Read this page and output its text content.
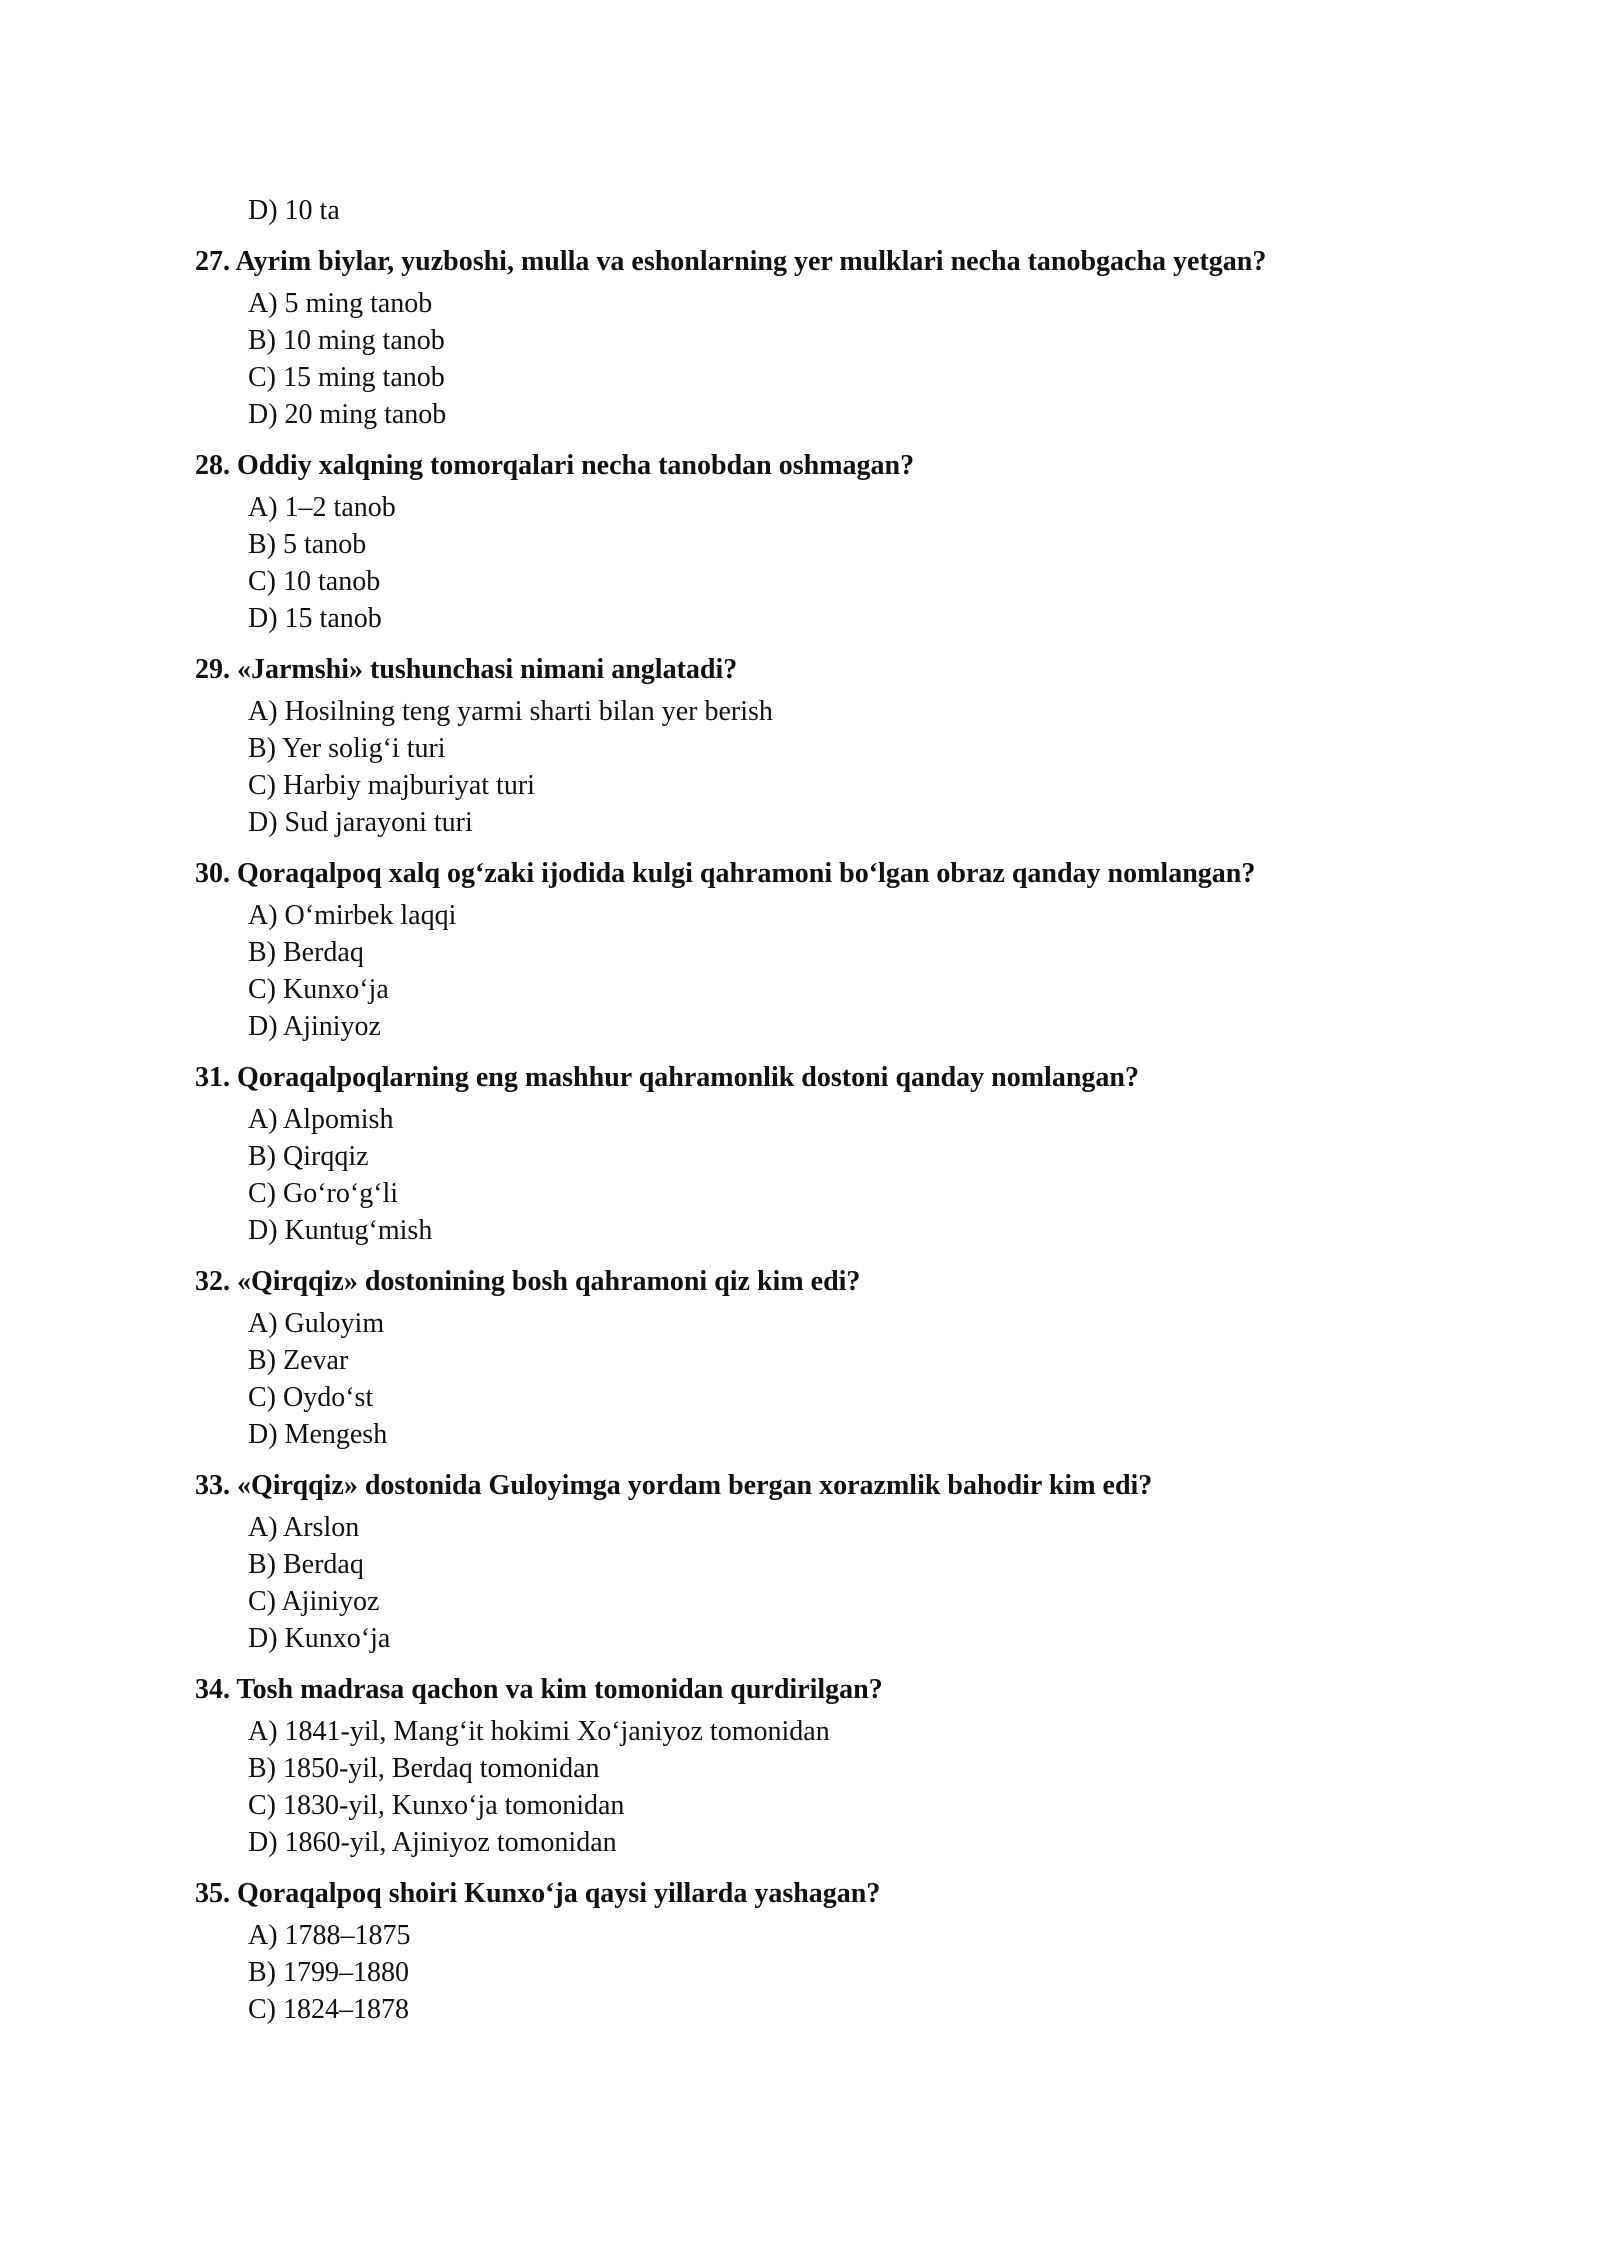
D) 10 ta
27. Ayrim biylar, yuzboshi, mulla va eshonlarning yer mulklari necha tanobgacha yetgan?
A) 5 ming tanob
B) 10 ming tanob
C) 15 ming tanob
D) 20 ming tanob
28. Oddiy xalqning tomorqalari necha tanobdan oshmagan?
A) 1–2 tanob
B) 5 tanob
C) 10 tanob
D) 15 tanob
29. «Jarmshi» tushunchasi nimani anglatadi?
A) Hosilning teng yarmi sharti bilan yer berish
B) Yer solig‘i turi
C) Harbiy majburiyat turi
D) Sud jarayoni turi
30. Qoraqalpoq xalq og‘zaki ijodida kulgi qahramoni bo‘lgan obraz qanday nomlangan?
A) O‘mirbek laqqi
B) Berdaq
C) Kunxo‘ja
D) Ajiniyoz
31. Qoraqalpoqlarning eng mashhur qahramonlik dostoni qanday nomlangan?
A) Alpomish
B) Qirqqiz
C) Go‘ro‘g‘li
D) Kuntug‘mish
32. «Qirqqiz» dostonining bosh qahramoni qiz kim edi?
A) Guloyim
B) Zevar
C) Oydo‘st
D) Mengesh
33. «Qirqqiz» dostonida Guloyimga yordam bergan xorazmlik bahodir kim edi?
A) Arslon
B) Berdaq
C) Ajiniyoz
D) Kunxo‘ja
34. Tosh madrasa qachon va kim tomonidan qurdirilgan?
A) 1841-yil, Mang‘it hokimi Xo‘janiyoz tomonidan
B) 1850-yil, Berdaq tomonidan
C) 1830-yil, Kunxo‘ja tomonidan
D) 1860-yil, Ajiniyoz tomonidan
35. Qoraqalpoq shoiri Kunxo‘ja qaysi yillarda yashagan?
A) 1788–1875
B) 1799–1880
C) 1824–1878
